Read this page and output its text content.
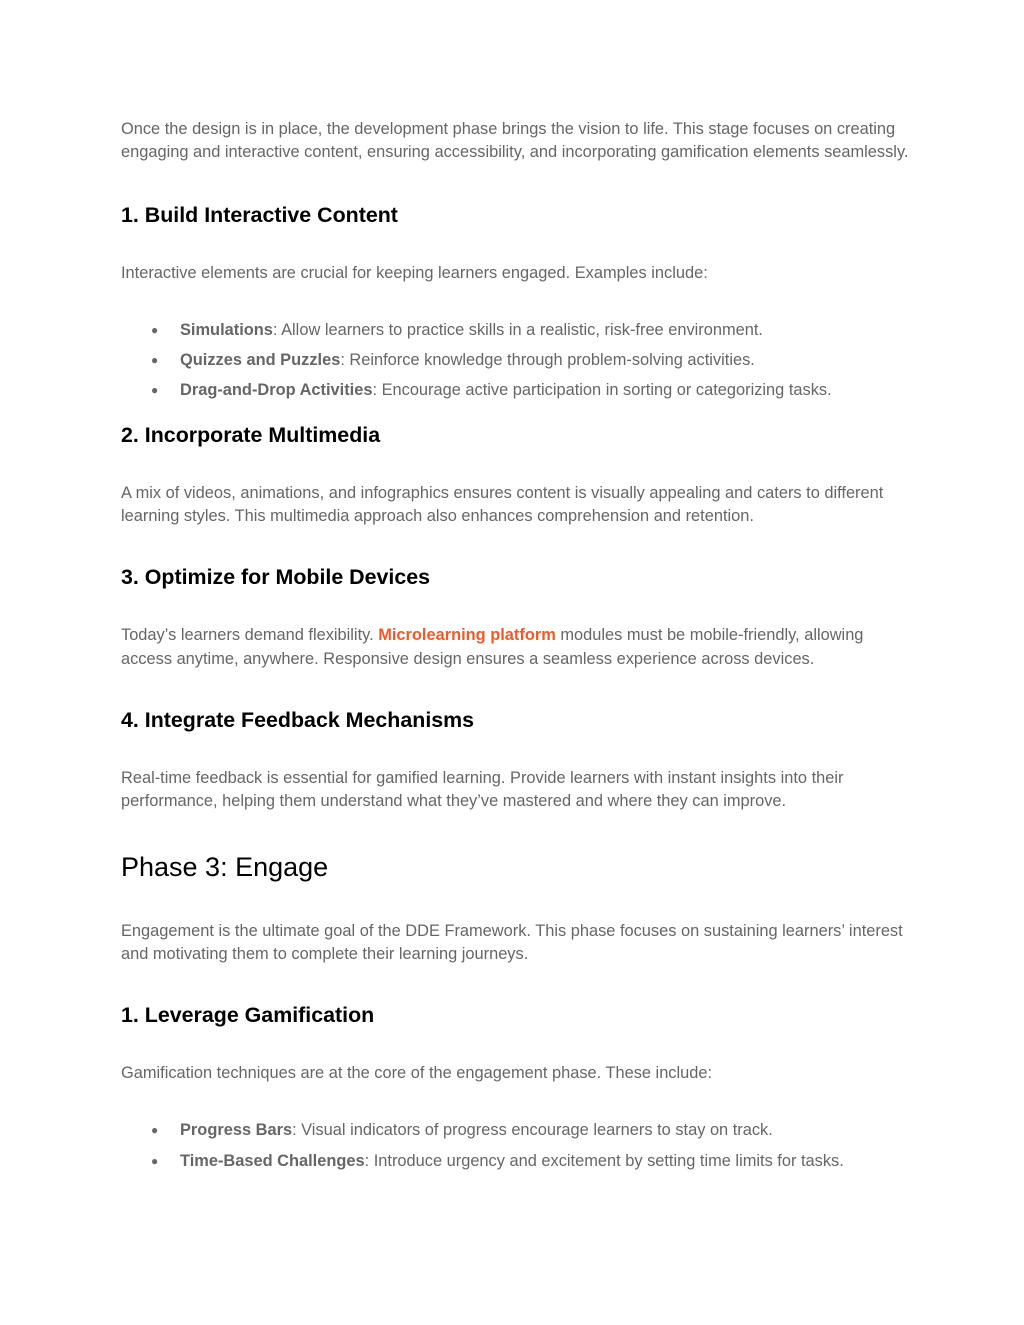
Once the design is in place, the development phase brings the vision to life. This stage focuses on creating engaging and interactive content, ensuring accessibility, and incorporating gamification elements seamlessly.

1. Build Interactive Content

Interactive elements are crucial for keeping learners engaged. Examples include:

● Simulations: Allow learners to practice skills in a realistic, risk-free environment.
● Quizzes and Puzzles: Reinforce knowledge through problem-solving activities.
● Drag-and-Drop Activities: Encourage active participation in sorting or categorizing tasks.
2. Incorporate Multimedia

A mix of videos, animations, and infographics ensures content is visually appealing and caters to different learning styles. This multimedia approach also enhances comprehension and retention.

3. Optimize for Mobile Devices

Today’s learners demand flexibility. Microlearning platform modules must be mobile-friendly, allowing access anytime, anywhere. Responsive design ensures a seamless experience across devices.

4. Integrate Feedback Mechanisms

Real-time feedback is essential for gamified learning. Provide learners with instant insights into their performance, helping them understand what they’ve mastered and where they can improve.

Phase 3: Engage

Engagement is the ultimate goal of the DDE Framework. This phase focuses on sustaining learners’ interest and motivating them to complete their learning journeys.

1. Leverage Gamification

Gamification techniques are at the core of the engagement phase. These include:

● Progress Bars: Visual indicators of progress encourage learners to stay on track.
● Time-Based Challenges: Introduce urgency and excitement by setting time limits for tasks.
